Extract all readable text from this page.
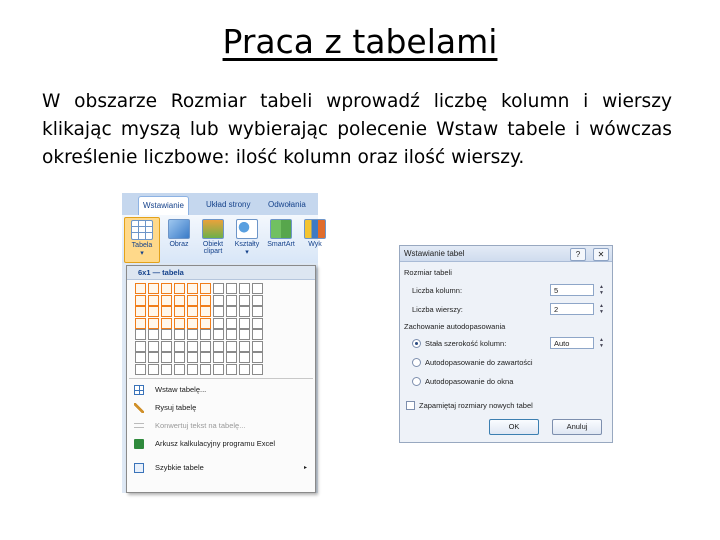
Praca z tabelami
W obszarze Rozmiar tabeli wprowadź liczbę kolumn i wierszy klikając myszą lub wybierając polecenie Wstaw tabele i wówczas określenie liczbowe: ilość kolumn oraz ilość wierszy.
Wstawianie	Układ strony	Odwołania
Tabela
▾
Obraz	Obiekt
clipart
Kształty
▾
SmartArt	Wyk
6x1 — tabela
Wstaw tabelę...
Rysuj tabelę
Konwertuj tekst na tabelę...
Arkusz kalkulacyjny programu Excel
Szybkie tabele	▸
Wstawianie tabel	?	✕
Rozmiar tabeli
Liczba kolumn:	5	▲
▼
Liczba wierszy:	2	▲
▼
Zachowanie autodopasowania
Stała szerokość kolumn:	Auto	▲
▼
Autodopasowanie do zawartości
Autodopasowanie do okna
Zapamiętaj rozmiary nowych tabel
OK	Anuluj
